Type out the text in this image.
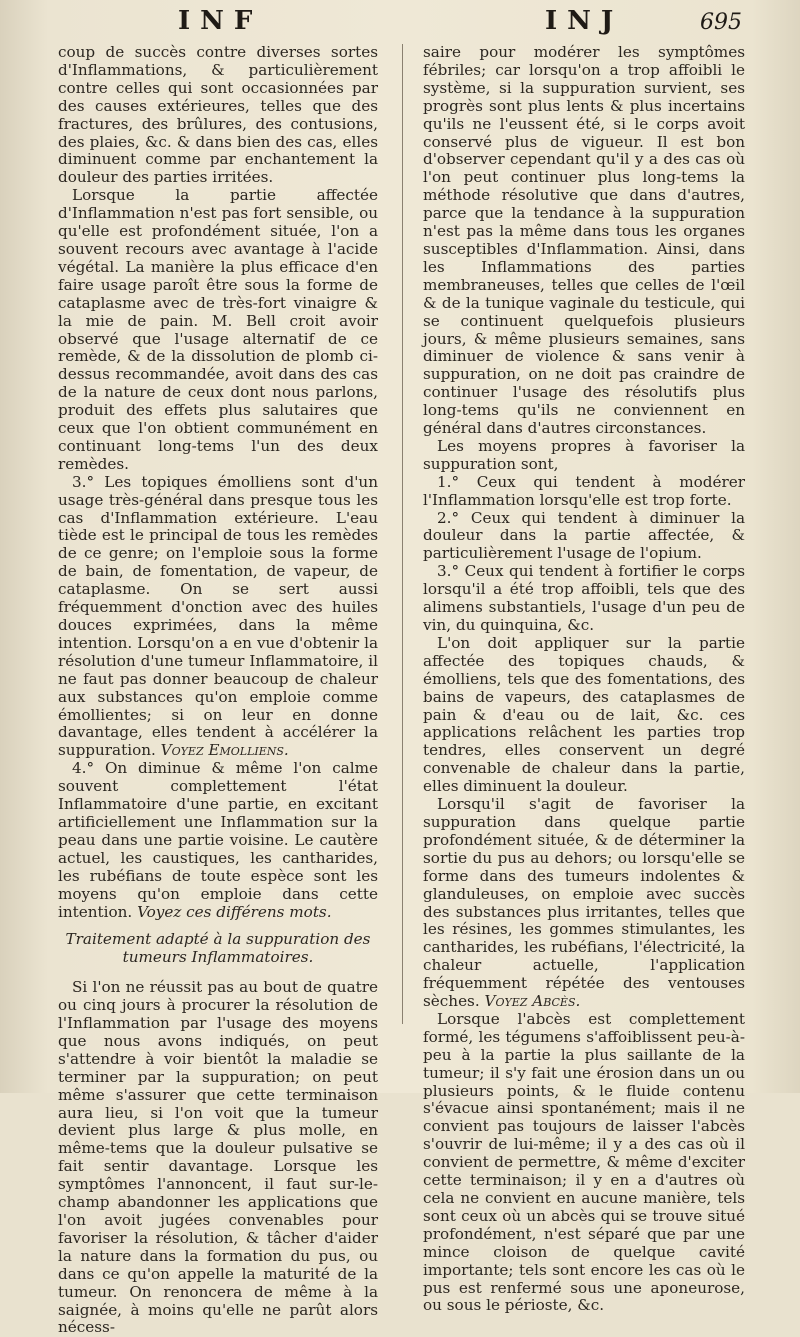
INF	INJ	695

coup de succès contre diverses sortes d'Inflammations, & particulièrement contre celles qui sont occasionnées par des causes extérieures, telles que des fractures, des brûlures, des contusions, des plaies, &c. & dans bien des cas, elles diminuent comme par enchantement la douleur des parties irritées.

Lorsque la partie affectée d'Inflammation n'est pas fort sensible, ou qu'elle est profondément située, l'on a souvent recours avec avantage à l'acide végétal. La manière la plus efficace d'en faire usage paroît être sous la forme de cataplasme avec de très-fort vinaigre & la mie de pain. M. Bell croit avoir observé que l'usage alternatif de ce remède, & de la dissolution de plomb ci-dessus recommandée, avoit dans des cas de la nature de ceux dont nous parlons, produit des effets plus salutaires que ceux que l'on obtient communément en continuant long-tems l'un des deux remèdes.

3.° Les topiques émolliens sont d'un usage très-général dans presque tous les cas d'Inflammation extérieure. L'eau tiède est le principal de tous les remèdes de ce genre; on l'emploie sous la forme de bain, de fomentation, de vapeur, de cataplasme. On se sert aussi fréquemment d'onction avec des huiles douces exprimées, dans la même intention. Lorsqu'on a en vue d'obtenir la résolution d'une tumeur Inflammatoire, il ne faut pas donner beaucoup de chaleur aux substances qu'on emploie comme émollientes; si on leur en donne davantage, elles tendent à accélérer la suppuration. Voyez Emolliens.

4.° On diminue & même l'on calme souvent complettement l'état Inflammatoire d'une partie, en excitant artificiellement une Inflammation sur la peau dans une partie voisine. Le cautère actuel, les caustiques, les cantharides, les rubéfians de toute espèce sont les moyens qu'on emploie dans cette intention. Voyez ces différens mots.

Traitement adapté à la suppuration des tumeurs Inflammatoires.

Si l'on ne réussit pas au bout de quatre ou cinq jours à procurer la résolution de l'Inflammation par l'usage des moyens que nous avons indiqués, on peut s'attendre à voir bientôt la maladie se terminer par la suppuration; on peut même s'assurer que cette terminaison aura lieu, si l'on voit que la tumeur devient plus large & plus molle, en même-tems que la douleur pulsative se fait sentir davantage. Lorsque les symptômes l'annoncent, il faut sur-le-champ abandonner les applications que l'on avoit jugées convenables pour favoriser la résolution, & tâcher d'aider la nature dans la formation du pus, ou dans ce qu'on appelle la maturité de la tumeur. On renoncera de même à la saignée, à moins qu'elle ne parût alors nécess-

saire pour modérer les symptômes fébriles; car lorsqu'on a trop affoibli le système, si la suppuration survient, ses progrès sont plus lents & plus incertains qu'ils ne l'eussent été, si le corps avoit conservé plus de vigueur. Il est bon d'observer cependant qu'il y a des cas où l'on peut continuer plus long-tems la méthode résolutive que dans d'autres, parce que la tendance à la suppuration n'est pas la même dans tous les organes susceptibles d'Inflammation. Ainsi, dans les Inflammations des parties membraneuses, telles que celles de l'œil & de la tunique vaginale du testicule, qui se continuent quelquefois plusieurs jours, & même plusieurs semaines, sans diminuer de violence & sans venir à suppuration, on ne doit pas craindre de continuer l'usage des résolutifs plus long-tems qu'ils ne conviennent en général dans d'autres circonstances.

Les moyens propres à favoriser la suppuration sont,

1.° Ceux qui tendent à modérer l'Inflammation lorsqu'elle est trop forte.

2.° Ceux qui tendent à diminuer la douleur dans la partie affectée, & particulièrement l'usage de l'opium.

3.° Ceux qui tendent à fortifier le corps lorsqu'il a été trop affoibli, tels que des alimens substantiels, l'usage d'un peu de vin, du quinquina, &c.

L'on doit appliquer sur la partie affectée des topiques chauds, & émolliens, tels que des fomentations, des bains de vapeurs, des cataplasmes de pain & d'eau ou de lait, &c. ces applications relâchent les parties trop tendres, elles conservent un degré convenable de chaleur dans la partie, elles diminuent la douleur.

Lorsqu'il s'agit de favoriser la suppuration dans quelque partie profondément située, & de déterminer la sortie du pus au dehors; ou lorsqu'elle se forme dans des tumeurs indolentes & glanduleuses, on emploie avec succès des substances plus irritantes, telles que les résines, les gommes stimulantes, les cantharides, les rubéfians, l'électricité, la chaleur actuelle, l'application fréquemment répétée des ventouses sèches. Voyez Abcès.

Lorsque l'abcès est complettement formé, les tégumens s'affoiblissent peu-à-peu à la partie la plus saillante de la tumeur; il s'y fait une érosion dans un ou plusieurs points, & le fluide contenu s'évacue ainsi spontanément; mais il ne convient pas toujours de laisser l'abcès s'ouvrir de lui-même; il y a des cas où il convient de permettre, & même d'exciter cette terminaison; il y en a d'autres où cela ne convient en aucune manière, tels sont ceux où un abcès qui se trouve situé profondément, n'est séparé que par une mince cloison de quelque cavité importante; tels sont encore les cas où le pus est renfermé sous une aponeurose, ou sous le périoste, &c.
